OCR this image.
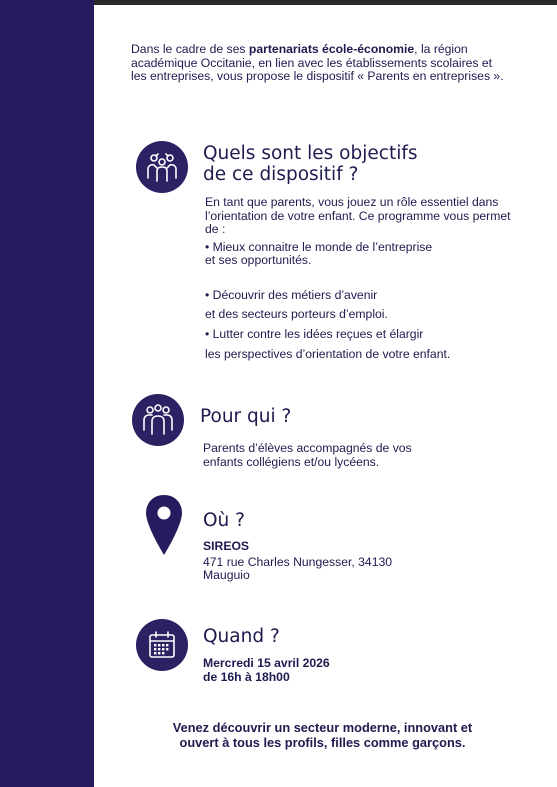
Dans le cadre de ses partenariats école-économie, la région académique Occitanie, en lien avec les établissements scolaires et les entreprises, vous propose le dispositif « Parents en entreprises ».
Quels sont les objectifs
de ce dispositif ?

En tant que parents, vous jouez un rôle essentiel dans l’orientation de votre enfant. Ce programme vous permet de :

• Mieux connaitre le monde de l’entreprise

et ses opportunités.

• Découvrir des métiers d’avenir

et des secteurs porteurs d’emploi.

• Lutter contre les idées reçues et élargir

les perspectives d’orientation de votre enfant.

Pour qui ?

Parents d’élèves accompagnés de vos

enfants collégiens et/ou lycéens.

Où ?

SIREOS

471 rue Charles Nungesser, 34130

Mauguio

Quand ?

Mercredi 15 avril 2026

de 16h à 18h00

Venez découvrir un secteur moderne, innovant et
ouvert à tous les profils, filles comme garçons.
